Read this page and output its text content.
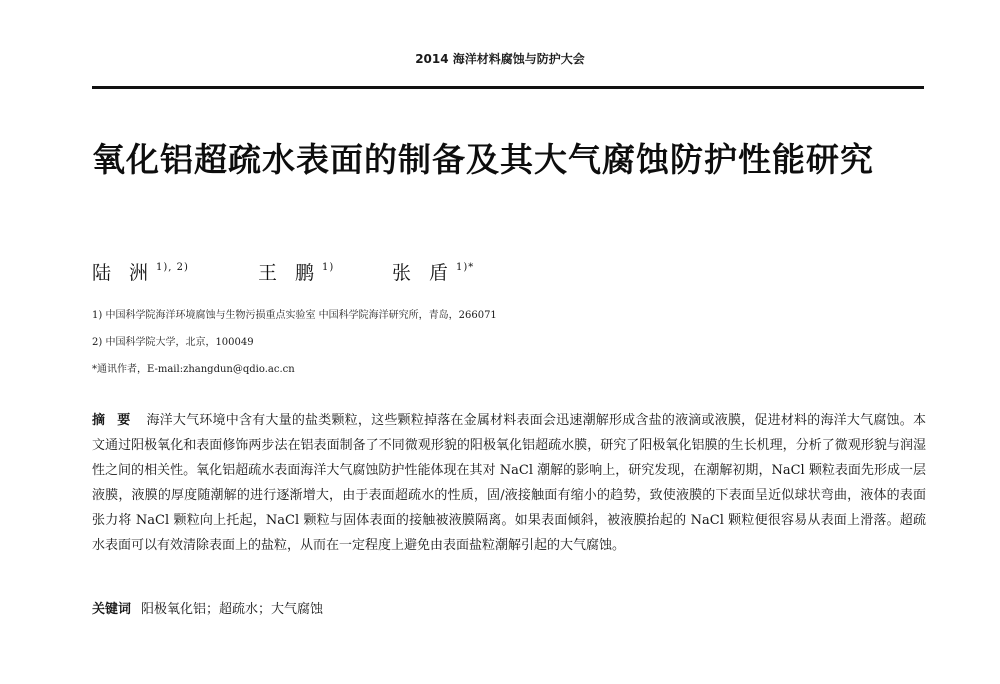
2014 海洋材料腐蚀与防护大会
氧化铝超疏水表面的制备及其大气腐蚀防护性能研究
陆 洲 $^{1), 2)}$	王 鹏 $^{1)}$	张 盾 $^{1)*}$
1) 中国科学院海洋环境腐蚀与生物污损重点实验室 中国科学院海洋研究所，青岛，266071
2) 中国科学院大学，北京，100049
*通讯作者，E-mail:zhangdun@qdio.ac.cn
摘要 海洋大气环境中含有大量的盐类颗粒，这些颗粒掉落在金属材料表面会迅速潮解形成含盐的液滴或液膜，促进材料的海洋大气腐蚀。本文通过阳极氧化和表面修饰两步法在铝表面制备了不同微观形貌的阳极氧化铝超疏水膜，研究了阳极氧化铝膜的生长机理，分析了微观形貌与润湿性之间的相关性。氧化铝超疏水表面海洋大气腐蚀防护性能体现在其对 NaCl 潮解的影响上，研究发现，在潮解初期，NaCl 颗粒表面先形成一层液膜，液膜的厚度随潮解的进行逐渐增大，由于表面超疏水的性质，固/液接触面有缩小的趋势，致使液膜的下表面呈近似球状弯曲，液体的表面张力将 NaCl 颗粒向上托起，NaCl 颗粒与固体表面的接触被液膜隔离。如果表面倾斜，被液膜抬起的 NaCl 颗粒便很容易从表面上滑落。超疏水表面可以有效清除表面上的盐粒，从而在一定程度上避免由表面盐粒潮解引起的大气腐蚀。
关键词 阳极氧化铝；超疏水；大气腐蚀
